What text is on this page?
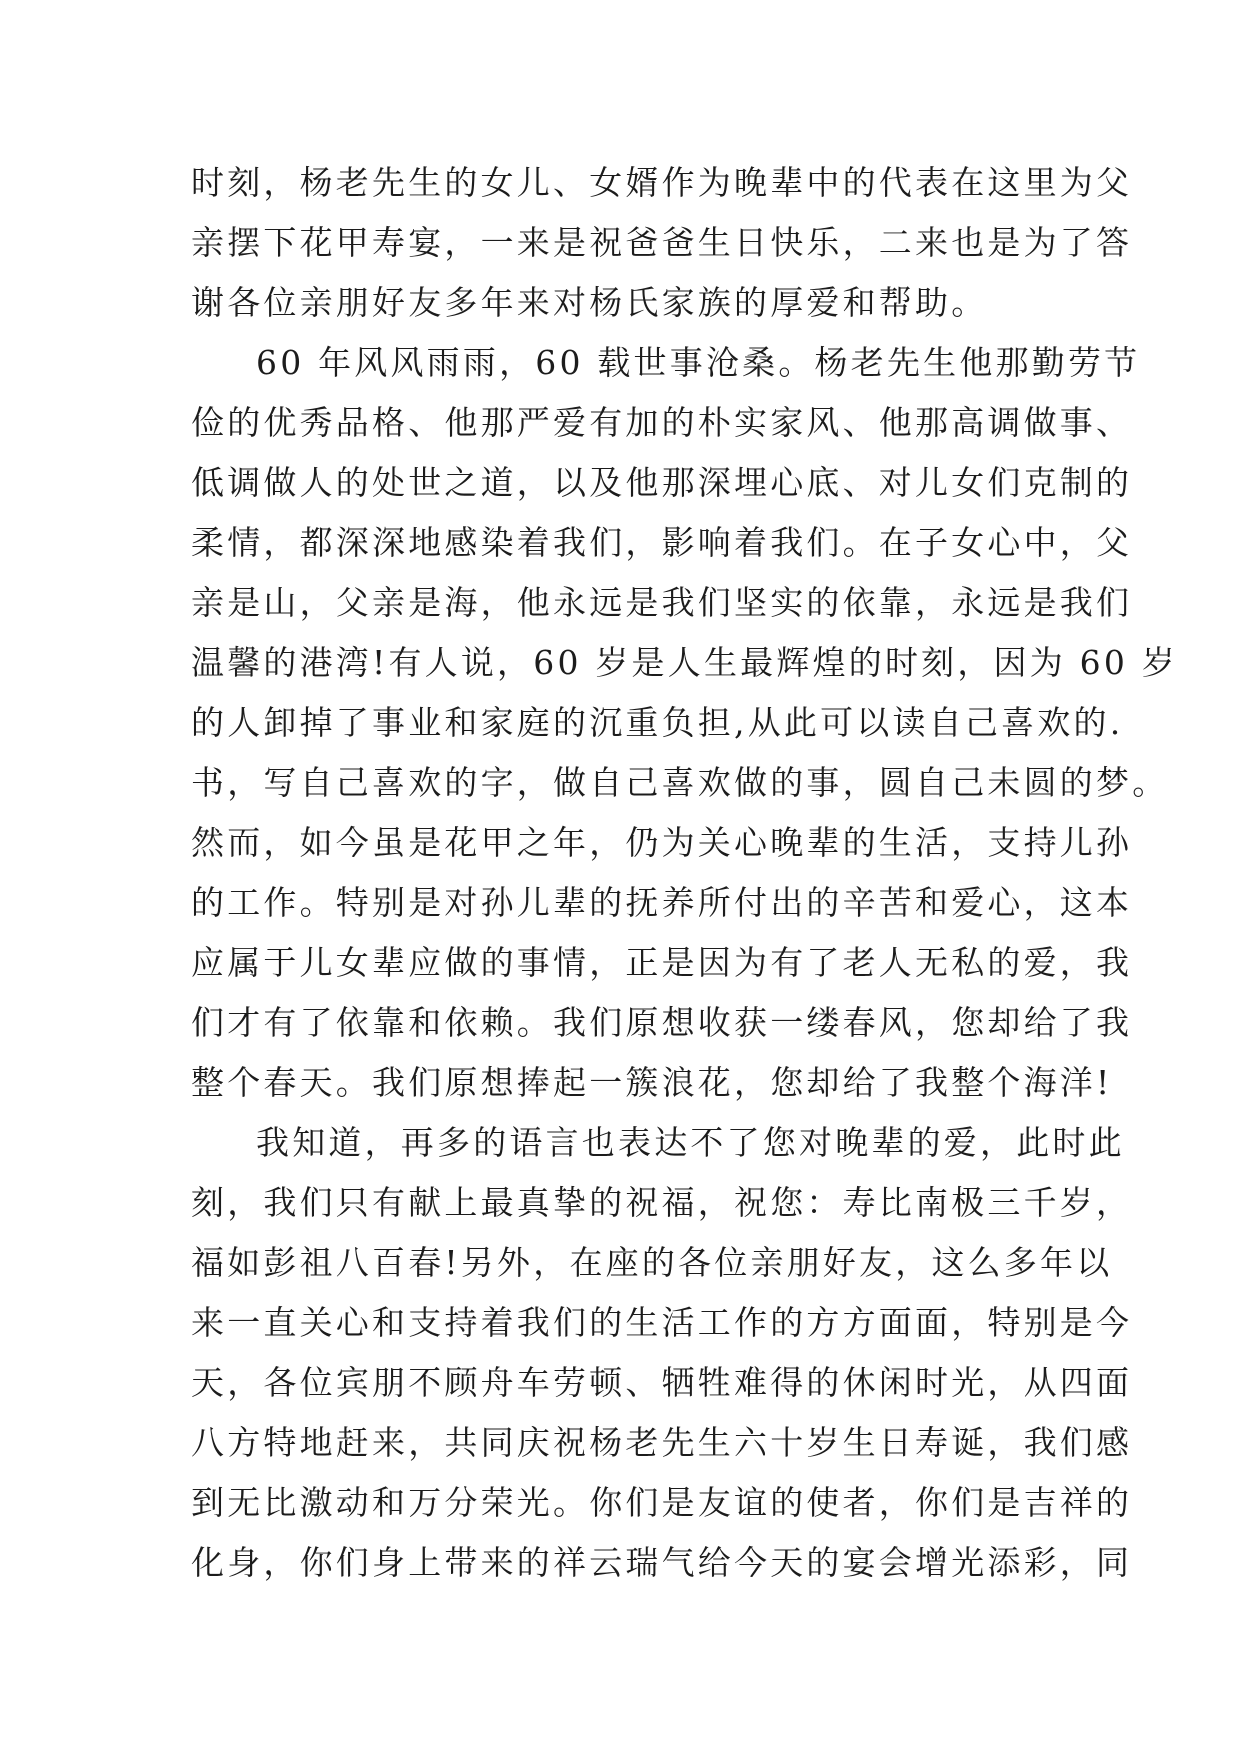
时刻，杨老先生的女儿、女婿作为晚辈中的代表在这里为父
亲摆下花甲寿宴，一来是祝爸爸生日快乐，二来也是为了答
谢各位亲朋好友多年来对杨氏家族的厚爱和帮助。
60 年风风雨雨，60 载世事沧桑。杨老先生他那勤劳节
俭的优秀品格、他那严爱有加的朴实家风、他那高调做事、
低调做人的处世之道，以及他那深埋心底、对儿女们克制的
柔情，都深深地感染着我们，影响着我们。在子女心中，父
亲是山，父亲是海，他永远是我们坚实的依靠，永远是我们
温馨的港湾!有人说，60 岁是人生最辉煌的时刻，因为 60 岁
的人卸掉了事业和家庭的沉重负担,从此可以读自己喜欢的.
书，写自己喜欢的字，做自己喜欢做的事，圆自己未圆的梦。
然而，如今虽是花甲之年，仍为关心晚辈的生活，支持儿孙
的工作。特别是对孙儿辈的抚养所付出的辛苦和爱心，这本
应属于儿女辈应做的事情，正是因为有了老人无私的爱，我
们才有了依靠和依赖。我们原想收获一缕春风，您却给了我
整个春天。我们原想捧起一簇浪花，您却给了我整个海洋!
我知道，再多的语言也表达不了您对晚辈的爱，此时此
刻，我们只有献上最真挚的祝福，祝您：寿比南极三千岁，
福如彭祖八百春!另外，在座的各位亲朋好友，这么多年以
来一直关心和支持着我们的生活工作的方方面面，特别是今
天，各位宾朋不顾舟车劳顿、牺牲难得的休闲时光，从四面
八方特地赶来，共同庆祝杨老先生六十岁生日寿诞，我们感
到无比激动和万分荣光。你们是友谊的使者，你们是吉祥的
化身，你们身上带来的祥云瑞气给今天的宴会增光添彩，同
